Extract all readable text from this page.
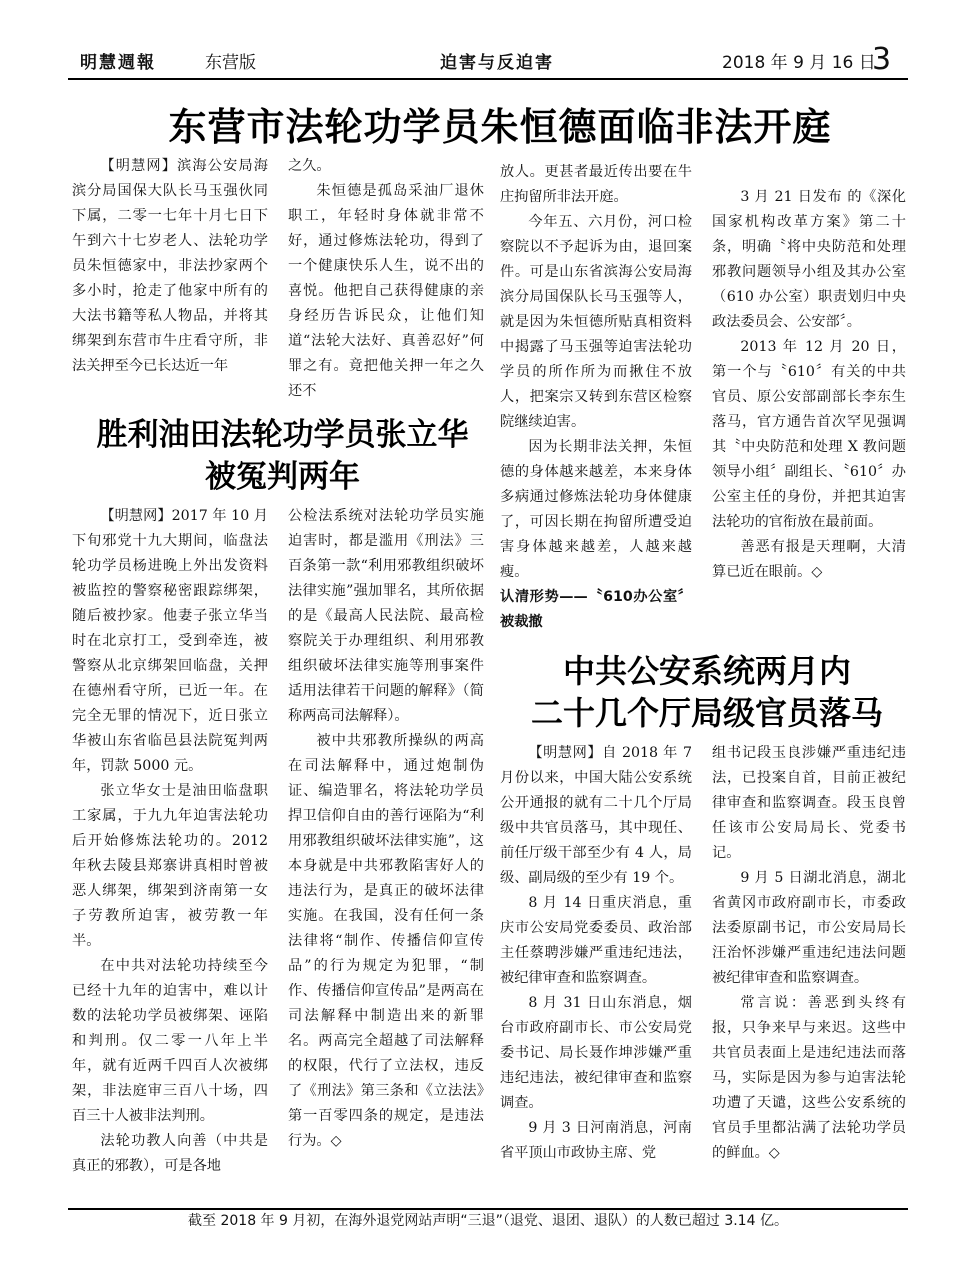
明慧週報	东营版	迫害与反迫害	2018 年 9 月 16 日
3
东营市法轮功学员朱恒德面临非法开庭

【明慧网】滨海公安局海滨分局国保大队长马玉强伙同下属，二零一七年十月七日下午到六十七岁老人、法轮功学员朱恒德家中，非法抄家两个多小时，抢走了他家中所有的大法书籍等私人物品，并将其绑架到东营市牛庄看守所，非法关押至今已长达近一年

之久。

朱恒德是孤岛采油厂退休职工，年轻时身体就非常不好，通过修炼法轮功，得到了一个健康快乐人生，说不出的喜悦。他把自己获得健康的亲身经历告诉民众，让他们知道“法轮大法好、真善忍好”何罪之有。竟把他关押一年之久还不

放人。更甚者最近传出要在牛庄拘留所非法开庭。

今年五、六月份，河口检察院以不予起诉为由，退回案件。可是山东省滨海公安局海滨分局国保队长马玉强等人，就是因为朱恒德所贴真相资料中揭露了马玉强等迫害法轮功学员的所作所为而揪住不放人，把案宗又转到东营区检察院继续迫害。

因为长期非法关押，朱恒德的身体越来越差，本来身体多病通过修炼法轮功身体健康了，可因长期在拘留所遭受迫害身体越来越差，人越来越瘦。

认清形势——〝610办公室〞被裁撤

3 月 21 日发布 的《深化国家机构改革方案》第二十条，明确〝将中央防范和处理邪教问题领导小组及其办公室（610 办公室）职责划归中央政法委员会、公安部〞。

2013 年 12 月 20 日，第一个与〝610〞有关的中共官员、原公安部副部长李东生落马，官方通告首次罕见强调其〝中央防范和处理 X 教问题领导小组〞副组长、〝610〞办公室主任的身份，并把其迫害法轮功的官衔放在最前面。

善恶有报是天理啊，大清算已近在眼前。◇

胜利油田法轮功学员张立华
被冤判两年

【明慧网】2017 年 10 月下旬邪党十九大期间，临盘法轮功学员杨进晚上外出发资料被监控的警察秘密跟踪绑架，随后被抄家。他妻子张立华当时在北京打工，受到牵连，被警察从北京绑架回临盘，关押在德州看守所，已近一年。在完全无罪的情况下，近日张立华被山东省临邑县法院冤判两年，罚款 5000 元。

张立华女士是油田临盘职工家属，于九九年迫害法轮功后开始修炼法轮功的。2012 年秋去陵县郑寨讲真相时曾被恶人绑架，绑架到济南第一女子劳教所迫害，被劳教一年半。

在中共对法轮功持续至今已经十九年的迫害中，难以计数的法轮功学员被绑架、诬陷和判刑。仅二零一八年上半年，就有近两千四百人次被绑架，非法庭审三百八十场，四百三十人被非法判刑。

法轮功教人向善（中共是真正的邪教），可是各地

公检法系统对法轮功学员实施迫害时，都是滥用《刑法》三百条第一款“利用邪教组织破坏法律实施”强加罪名，其所依据的是《最高人民法院、最高检察院关于办理组织、利用邪教组织破坏法律实施等刑事案件适用法律若干问题的解释》（简称两高司法解释）。

被中共邪教所操纵的两高在司法解释中，通过炮制伪证、编造罪名，将法轮功学员捍卫信仰自由的善行诬陷为“利用邪教组织破坏法律实施”，这本身就是中共邪教陷害好人的违法行为，是真正的破坏法律实施。在我国，没有任何一条法律将“制作、传播信仰宣传品”的行为规定为犯罪，“制作、传播信仰宣传品”是两高在司法解释中制造出来的新罪名。两高完全超越了司法解释的权限，代行了立法权，违反了《刑法》第三条和《立法法》第一百零四条的规定，是违法行为。◇

中共公安系统两月内
二十几个厅局级官员落马

【明慧网】自 2018 年 7 月份以来，中国大陆公安系统公开通报的就有二十几个厅局级中共官员落马，其中现任、前任厅级干部至少有 4 人，局级、副局级的至少有 19 个。

8 月 14 日重庆消息，重庆市公安局党委委员、政治部主任蔡聘涉嫌严重违纪违法，被纪律审查和监察调查。

8 月 31 日山东消息，烟台市政府副市长、市公安局党委书记、局长聂作坤涉嫌严重违纪违法，被纪律审查和监察调查。

9 月 3 日河南消息，河南省平顶山市政协主席、党

组书记段玉良涉嫌严重违纪违法，已投案自首，目前正被纪律审查和监察调查。段玉良曾任该市公安局局长、党委书记。

9 月 5 日湖北消息，湖北省黄冈市政府副市长，市委政法委原副书记，市公安局局长汪治怀涉嫌严重违纪违法问题被纪律审查和监察调查。

常言说：善恶到头终有报，只争来早与来迟。这些中共官员表面上是违纪违法而落马，实际是因为参与迫害法轮功遭了天谴，这些公安系统的官员手里都沾满了法轮功学员的鲜血。◇

截至 2018 年 9 月初，在海外退党网站声明“三退”（退党、退团、退队）的人数已超过 3.14 亿。
